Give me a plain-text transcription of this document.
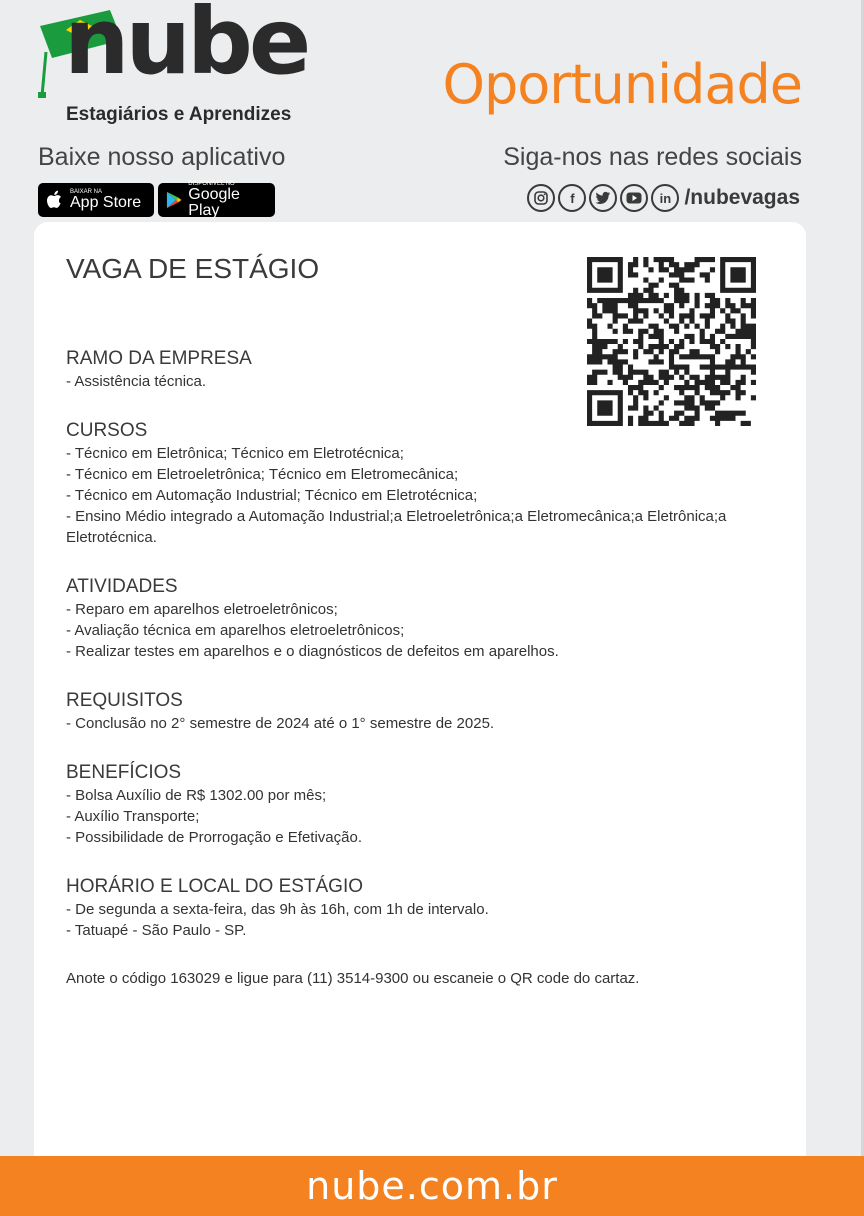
nube
Estagiários e Aprendizes	Oportunidade
Baixe nosso aplicativo	Siga-nos nas redes sociais
BAIXAR NA
App Store
DISPONÍVEL NO
Google Play
f	in /nubevagas
VAGA DE ESTÁGIO
RAMO DA EMPRESA
- Assistência técnica.
CURSOS
- Técnico em Eletrônica; Técnico em Eletrotécnica;
- Técnico em Eletroeletrônica; Técnico em Eletromecânica;
- Técnico em Automação Industrial; Técnico em Eletrotécnica;
- Ensino Médio integrado a Automação Industrial;a Eletroeletrônica;a Eletromecânica;a Eletrônica;a Eletrotécnica.
ATIVIDADES
- Reparo em aparelhos eletroeletrônicos;
- Avaliação técnica em aparelhos eletroeletrônicos;
- Realizar testes em aparelhos e o diagnósticos de defeitos em aparelhos.
REQUISITOS
- Conclusão no 2° semestre de 2024 até o 1° semestre de 2025.
BENEFÍCIOS
- Bolsa Auxílio de R$ 1302.00 por mês;
- Auxílio Transporte;
- Possibilidade de Prorrogação e Efetivação.
HORÁRIO E LOCAL DO ESTÁGIO
- De segunda a sexta-feira, das 9h às 16h, com 1h de intervalo.
- Tatuapé - São Paulo - SP.
Anote o código 163029 e ligue para (11) 3514-9300 ou escaneie o QR code do cartaz.
nube.com.br
